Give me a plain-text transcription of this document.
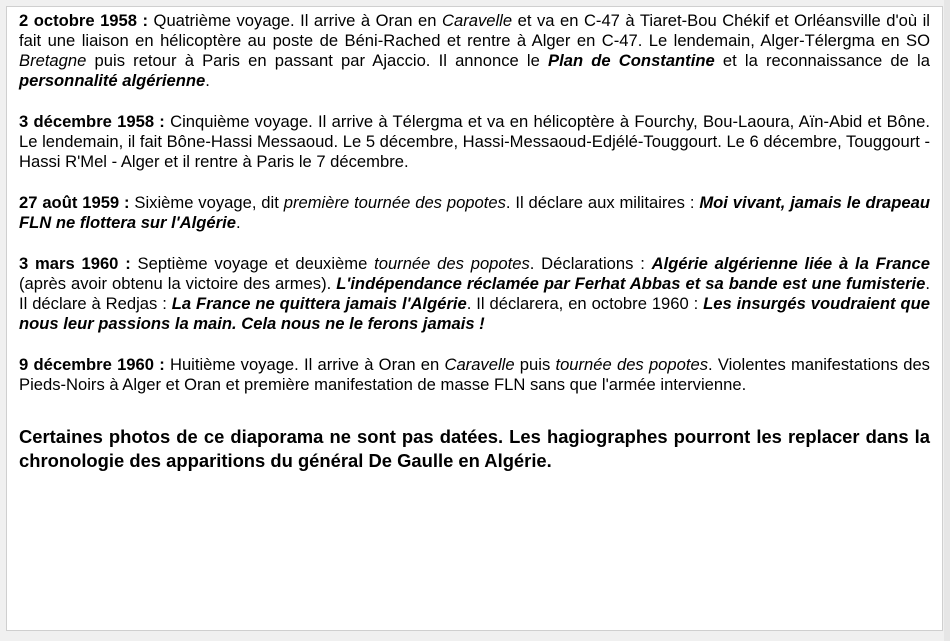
2 octobre 1958 : Quatrième voyage. Il arrive à Oran en Caravelle et va en C-47 à Tiaret-Bou Chékif et Orléansville d'où il fait une liaison en hélicoptère au poste de Béni-Rached et rentre à Alger en C-47. Le lendemain, Alger-Télergma en SO Bretagne puis retour à Paris en passant par Ajaccio. Il annonce le Plan de Constantine et la reconnaissance de la personnalité algérienne.

3 décembre 1958 : Cinquième voyage. Il arrive à Télergma et va en hélicoptère à Fourchy, Bou-Laoura, Aïn-Abid et Bône. Le lendemain, il fait Bône-Hassi Messaoud. Le 5 décembre, Hassi-Messaoud-Edjélé-Touggourt. Le 6 décembre, Touggourt - Hassi R'Mel - Alger et il rentre à Paris le 7 décembre.

27 août 1959 : Sixième voyage, dit première tournée des popotes. Il déclare aux militaires : Moi vivant, jamais le drapeau FLN ne flottera sur l'Algérie.

3 mars 1960 : Septième voyage et deuxième tournée des popotes. Déclarations : Algérie algérienne liée à la France (après avoir obtenu la victoire des armes). L'indépendance réclamée par Ferhat Abbas et sa bande est une fumisterie. Il déclare à Redjas : La France ne quittera jamais l'Algérie. Il déclarera, en octobre 1960 : Les insurgés voudraient que nous leur passions la main. Cela nous ne le ferons jamais !

9 décembre 1960 : Huitième voyage. Il arrive à Oran en Caravelle puis tournée des popotes. Violentes manifestations des Pieds-Noirs à Alger et Oran et première manifestation de masse FLN sans que l'armée intervienne.

Certaines photos de ce diaporama ne sont pas datées. Les hagiographes pourront les replacer dans la chronologie des apparitions du général De Gaulle en Algérie.
